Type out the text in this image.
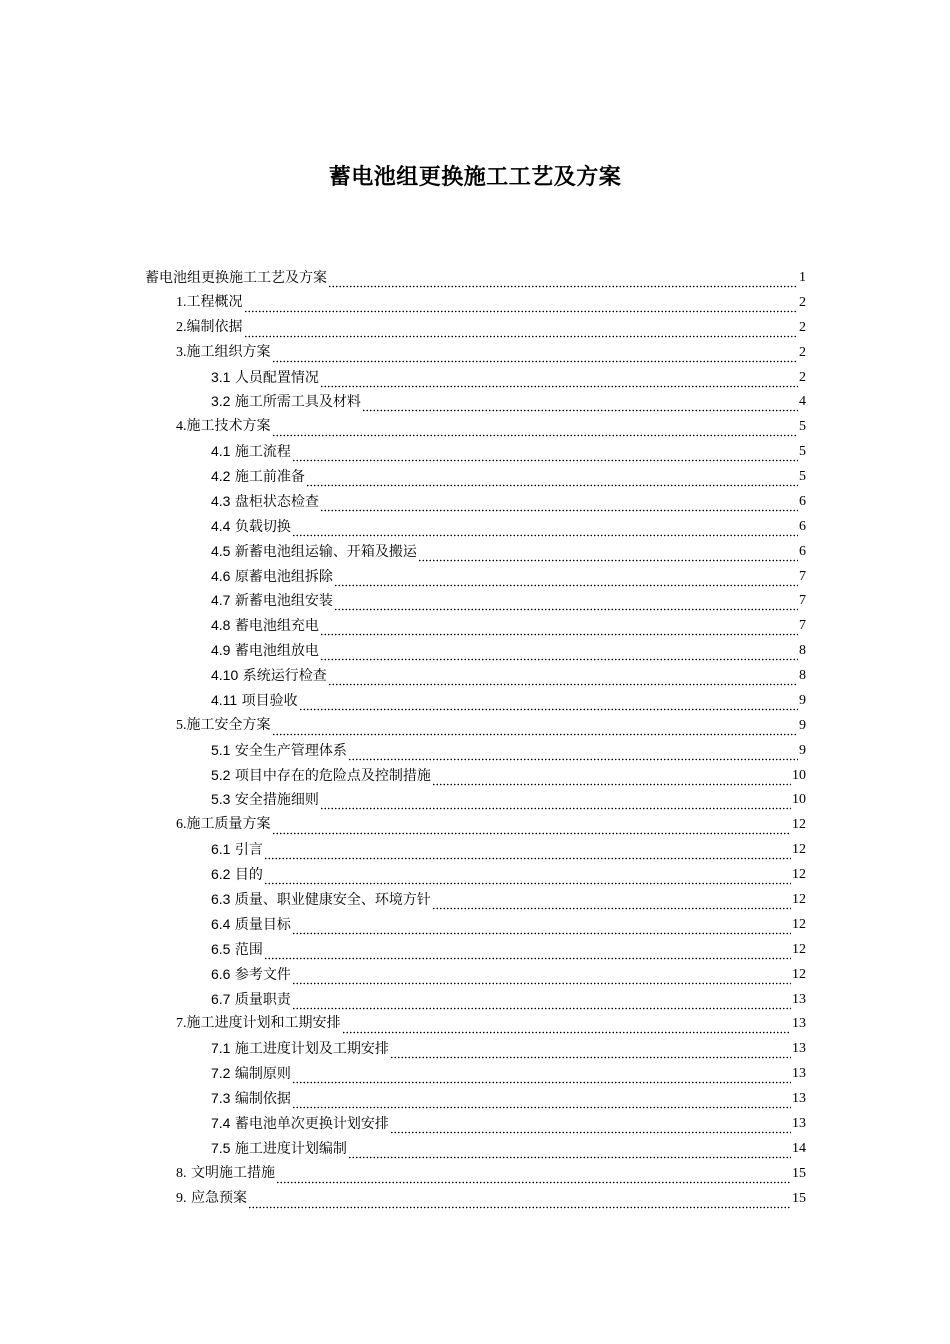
蓄电池组更换施工工艺及方案
蓄电池组更换施工工艺及方案	1
1.工程概况	2
2.编制依据	2
3.施工组织方案	2
3.1 人员配置情况	2
3.2 施工所需工具及材料	4
4.施工技术方案	5
4.1 施工流程	5
4.2 施工前准备	5
4.3 盘柜状态检查	6
4.4 负载切换	6
4.5 新蓄电池组运输、开箱及搬运	6
4.6 原蓄电池组拆除	7
4.7 新蓄电池组安装	7
4.8 蓄电池组充电	7
4.9 蓄电池组放电	8
4.10 系统运行检查	8
4.11 项目验收	9
5.施工安全方案	9
5.1 安全生产管理体系	9
5.2 项目中存在的危险点及控制措施	10
5.3 安全措施细则	10
6.施工质量方案	12
6.1 引言	12
6.2 目的	12
6.3 质量、职业健康安全、环境方针	12
6.4 质量目标	12
6.5 范围	12
6.6 参考文件	12
6.7 质量职责	13
7.施工进度计划和工期安排	13
7.1 施工进度计划及工期安排	13
7.2 编制原则	13
7.3 编制依据	13
7.4 蓄电池单次更换计划安排	13
7.5 施工进度计划编制	14
8. 文明施工措施	15
9. 应急预案	15
